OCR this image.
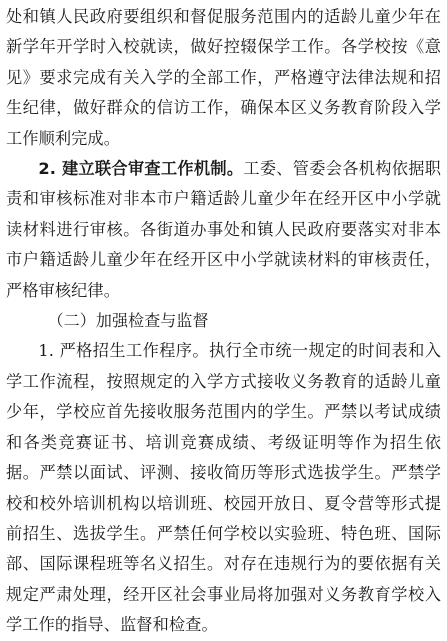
处和镇人民政府要组织和督促服务范围内的适龄儿童少年在新学年开学时入校就读，做好控辍保学工作。各学校按《意见》要求完成有关入学的全部工作，严格遵守法律法规和招生纪律，做好群众的信访工作，确保本区义务教育阶段入学工作顺利完成。

2. 建立联合审查工作机制。工委、管委会各机构依据职责和审核标准对非本市户籍适龄儿童少年在经开区中小学就读材料进行审核。各街道办事处和镇人民政府要落实对非本市户籍适龄儿童少年在经开区中小学就读材料的审核责任，严格审核纪律。

（二）加强检查与监督

1. 严格招生工作程序。执行全市统一规定的时间表和入学工作流程，按照规定的入学方式接收义务教育的适龄儿童少年，学校应首先接收服务范围内的学生。严禁以考试成绩和各类竞赛证书、培训竞赛成绩、考级证明等作为招生依据。严禁以面试、评测、接收简历等形式选拔学生。严禁学校和校外培训机构以培训班、校园开放日、夏令营等形式提前招生、选拔学生。严禁任何学校以实验班、特色班、国际部、国际课程班等名义招生。对存在违规行为的要依据有关规定严肃处理，经开区社会事业局将加强对义务教育学校入学工作的指导、监督和检查。
